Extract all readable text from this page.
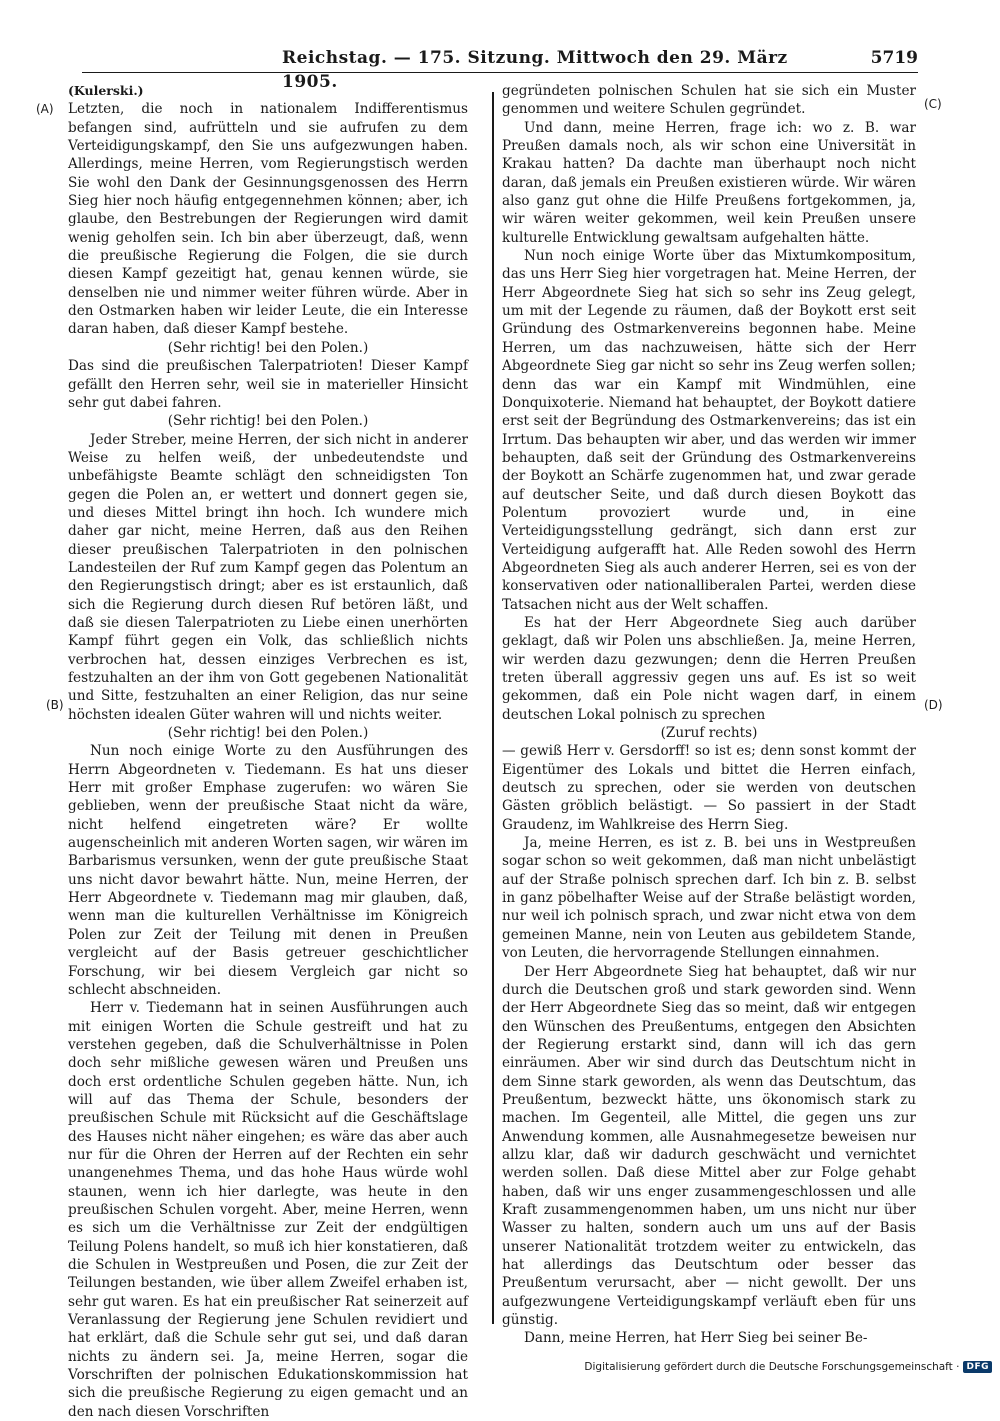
Reichstag. — 175. Sitzung. Mittwoch den 29. März 1905.
5719
(A)
(B)
(C)
(D)

(Kulerski.)

Letzten, die noch in nationalem Indifferentismus befangen sind, aufrütteln und sie aufrufen zu dem Verteidigungskampf, den Sie uns aufgezwungen haben. Allerdings, meine Herren, vom Regierungstisch werden Sie wohl den Dank der Gesinnungsgenossen des Herrn Sieg hier noch häufig entgegennehmen können; aber, ich glaube, den Bestrebungen der Regierungen wird damit wenig geholfen sein. Ich bin aber überzeugt, daß, wenn die preußische Regierung die Folgen, die sie durch diesen Kampf gezeitigt hat, genau kennen würde, sie denselben nie und nimmer weiter führen würde. Aber in den Ostmarken haben wir leider Leute, die ein Interesse daran haben, daß dieser Kampf bestehe.

(Sehr richtig! bei den Polen.)

Das sind die preußischen Talerpatrioten! Dieser Kampf gefällt den Herren sehr, weil sie in materieller Hinsicht sehr gut dabei fahren.

(Sehr richtig! bei den Polen.)

Jeder Streber, meine Herren, der sich nicht in anderer Weise zu helfen weiß, der unbedeutendste und unbefähigste Beamte schlägt den schneidigsten Ton gegen die Polen an, er wettert und donnert gegen sie, und dieses Mittel bringt ihn hoch. Ich wundere mich daher gar nicht, meine Herren, daß aus den Reihen dieser preußischen Talerpatrioten in den polnischen Landesteilen der Ruf zum Kampf gegen das Polentum an den Regierungstisch dringt; aber es ist erstaunlich, daß sich die Regierung durch diesen Ruf betören läßt, und daß sie diesen Talerpatrioten zu Liebe einen unerhörten Kampf führt gegen ein Volk, das schließlich nichts verbrochen hat, dessen einziges Verbrechen es ist, festzuhalten an der ihm von Gott gegebenen Nationalität und Sitte, festzuhalten an einer Religion, das nur seine höchsten idealen Güter wahren will und nichts weiter.

(Sehr richtig! bei den Polen.)

Nun noch einige Worte zu den Ausführungen des Herrn Abgeordneten v. Tiedemann. Es hat uns dieser Herr mit großer Emphase zugerufen: wo wären Sie geblieben, wenn der preußische Staat nicht da wäre, nicht helfend eingetreten wäre? Er wollte augenscheinlich mit anderen Worten sagen, wir wären im Barbarismus versunken, wenn der gute preußische Staat uns nicht davor bewahrt hätte. Nun, meine Herren, der Herr Abgeordnete v. Tiedemann mag mir glauben, daß, wenn man die kulturellen Verhältnisse im Königreich Polen zur Zeit der Teilung mit denen in Preußen vergleicht auf der Basis getreuer geschichtlicher Forschung, wir bei diesem Vergleich gar nicht so schlecht abschneiden.

Herr v. Tiedemann hat in seinen Ausführungen auch mit einigen Worten die Schule gestreift und hat zu verstehen gegeben, daß die Schulverhältnisse in Polen doch sehr mißliche gewesen wären und Preußen uns doch erst ordentliche Schulen gegeben hätte. Nun, ich will auf das Thema der Schule, besonders der preußischen Schule mit Rücksicht auf die Geschäftslage des Hauses nicht näher eingehen; es wäre das aber auch nur für die Ohren der Herren auf der Rechten ein sehr unangenehmes Thema, und das hohe Haus würde wohl staunen, wenn ich hier darlegte, was heute in den preußischen Schulen vorgeht. Aber, meine Herren, wenn es sich um die Verhältnisse zur Zeit der endgültigen Teilung Polens handelt, so muß ich hier konstatieren, daß die Schulen in Westpreußen und Posen, die zur Zeit der Teilungen bestanden, wie über allem Zweifel erhaben ist, sehr gut waren. Es hat ein preußischer Rat seinerzeit auf Veranlassung der Regierung jene Schulen revidiert und hat erklärt, daß die Schule sehr gut sei, und daß daran nichts zu ändern sei. Ja, meine Herren, sogar die Vorschriften der polnischen Edukationskommission hat sich die preußische Regierung zu eigen gemacht und an den nach diesen Vorschriften

gegründeten polnischen Schulen hat sie sich ein Muster genommen und weitere Schulen gegründet.

Und dann, meine Herren, frage ich: wo z. B. war Preußen damals noch, als wir schon eine Universität in Krakau hatten? Da dachte man überhaupt noch nicht daran, daß jemals ein Preußen existieren würde. Wir wären also ganz gut ohne die Hilfe Preußens fortgekommen, ja, wir wären weiter gekommen, weil kein Preußen unsere kulturelle Entwicklung gewaltsam aufgehalten hätte.

Nun noch einige Worte über das Mixtumkompositum, das uns Herr Sieg hier vorgetragen hat. Meine Herren, der Herr Abgeordnete Sieg hat sich so sehr ins Zeug gelegt, um mit der Legende zu räumen, daß der Boykott erst seit Gründung des Ostmarkenvereins begonnen habe. Meine Herren, um das nachzuweisen, hätte sich der Herr Abgeordnete Sieg gar nicht so sehr ins Zeug werfen sollen; denn das war ein Kampf mit Windmühlen, eine Donquixoterie. Niemand hat behauptet, der Boykott datiere erst seit der Begründung des Ostmarkenvereins; das ist ein Irrtum. Das behaupten wir aber, und das werden wir immer behaupten, daß seit der Gründung des Ostmarkenvereins der Boykott an Schärfe zugenommen hat, und zwar gerade auf deutscher Seite, und daß durch diesen Boykott das Polentum provoziert wurde und, in eine Verteidigungsstellung gedrängt, sich dann erst zur Verteidigung aufgerafft hat. Alle Reden sowohl des Herrn Abgeordneten Sieg als auch anderer Herren, sei es von der konservativen oder nationalliberalen Partei, werden diese Tatsachen nicht aus der Welt schaffen.

Es hat der Herr Abgeordnete Sieg auch darüber geklagt, daß wir Polen uns abschließen. Ja, meine Herren, wir werden dazu gezwungen; denn die Herren Preußen treten überall aggressiv gegen uns auf. Es ist so weit gekommen, daß ein Pole nicht wagen darf, in einem deutschen Lokal polnisch zu sprechen

(Zuruf rechts)

— gewiß Herr v. Gersdorff! so ist es; denn sonst kommt der Eigentümer des Lokals und bittet die Herren einfach, deutsch zu sprechen, oder sie werden von deutschen Gästen gröblich belästigt. — So passiert in der Stadt Graudenz, im Wahlkreise des Herrn Sieg.

Ja, meine Herren, es ist z. B. bei uns in Westpreußen sogar schon so weit gekommen, daß man nicht unbelästigt auf der Straße polnisch sprechen darf. Ich bin z. B. selbst in ganz pöbelhafter Weise auf der Straße belästigt worden, nur weil ich polnisch sprach, und zwar nicht etwa von dem gemeinen Manne, nein von Leuten aus gebildetem Stande, von Leuten, die hervorragende Stellungen einnahmen.

Der Herr Abgeordnete Sieg hat behauptet, daß wir nur durch die Deutschen groß und stark geworden sind. Wenn der Herr Abgeordnete Sieg das so meint, daß wir entgegen den Wünschen des Preußentums, entgegen den Absichten der Regierung erstarkt sind, dann will ich das gern einräumen. Aber wir sind durch das Deutschtum nicht in dem Sinne stark geworden, als wenn das Deutschtum, das Preußentum, bezweckt hätte, uns ökonomisch stark zu machen. Im Gegenteil, alle Mittel, die gegen uns zur Anwendung kommen, alle Ausnahmegesetze beweisen nur allzu klar, daß wir dadurch geschwächt und vernichtet werden sollen. Daß diese Mittel aber zur Folge gehabt haben, daß wir uns enger zusammengeschlossen und alle Kraft zusammengenommen haben, um uns nicht nur über Wasser zu halten, sondern auch um uns auf der Basis unserer Nationalität trotzdem weiter zu entwickeln, das hat allerdings das Deutschtum oder besser das Preußentum verursacht, aber — nicht gewollt. Der uns aufgezwungene Verteidigungskampf verläuft eben für uns günstig.

Dann, meine Herren, hat Herr Sieg bei seiner Be-

Digitalisierung gefördert durch die Deutsche Forschungsgemeinschaft · DFG
